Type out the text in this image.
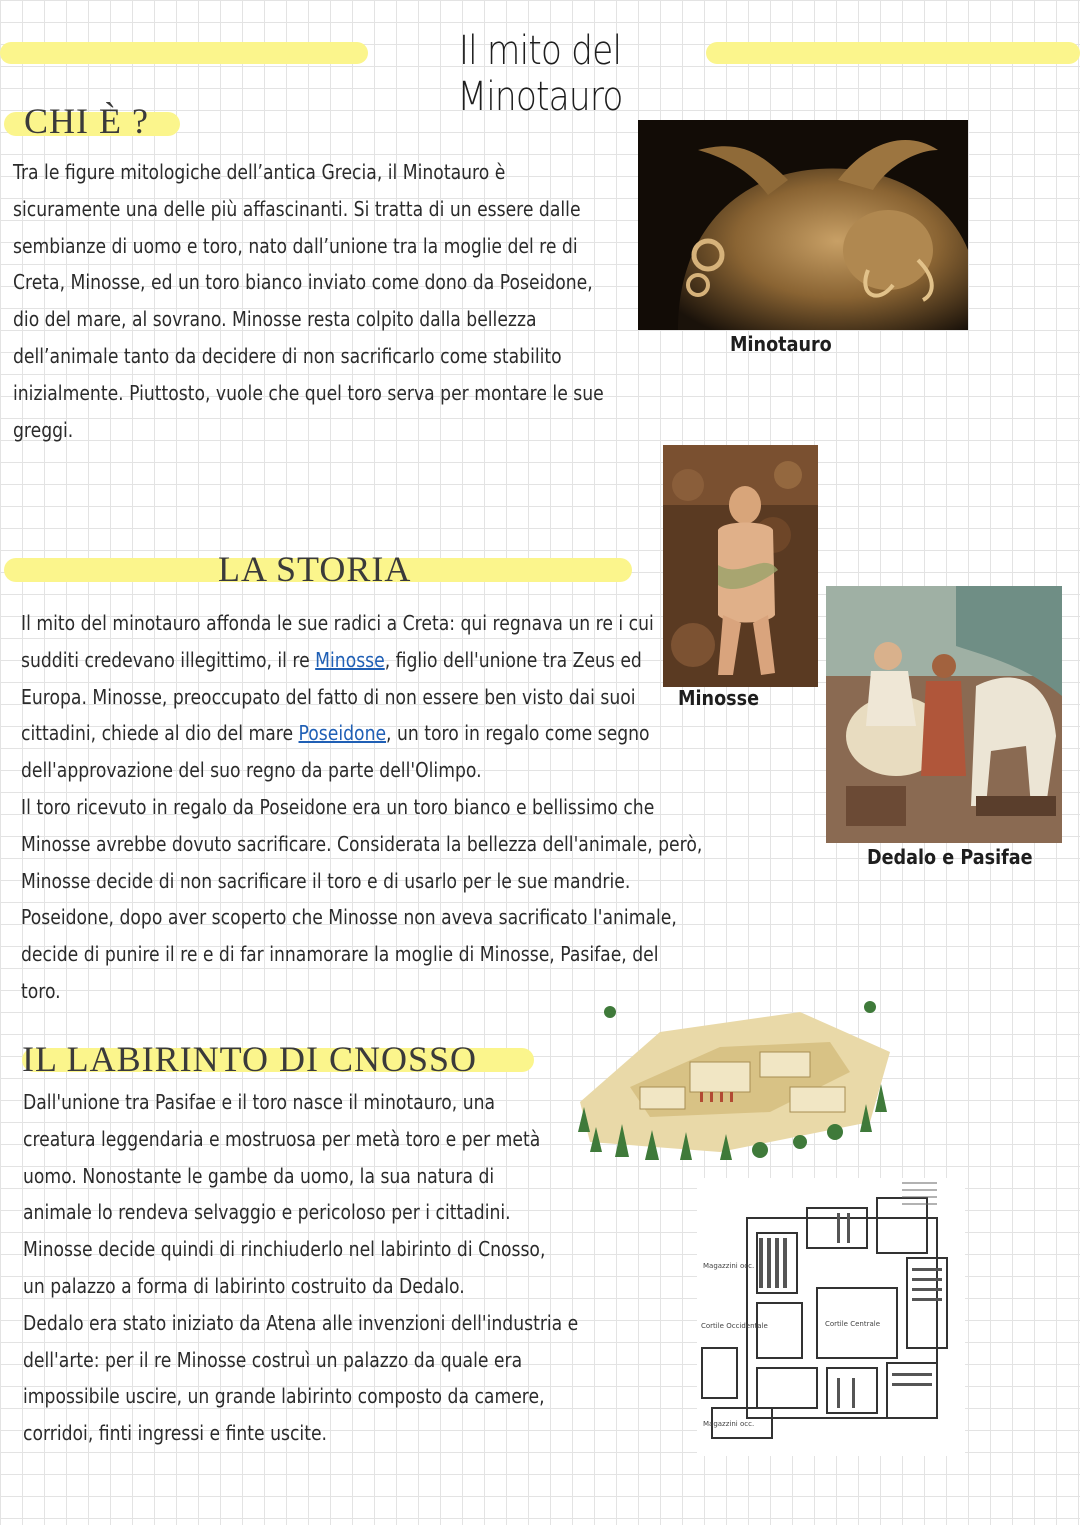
Il mito del Minotauro
CHI È ?
Tra le figure mitologiche dell’antica Grecia, il Minotauro è
sicuramente una delle più affascinanti. Si tratta di un essere dalle
sembianze di uomo e toro, nato dall’unione tra la moglie del re di
Creta, Minosse, ed un toro bianco inviato come dono da Poseidone,
dio del mare, al sovrano. Minosse resta colpito dalla bellezza
dell’animale tanto da decidere di non sacrificarlo come stabilito
inizialmente. Piuttosto, vuole che quel toro serva per montare le sue
greggi.
Minotauro
LA STORIA
Il mito del minotauro affonda le sue radici a Creta: qui regnava un re i cui
sudditi credevano illegittimo, il re Minosse, figlio dell'unione tra Zeus ed
Europa. Minosse, preoccupato del fatto di non essere ben visto dai suoi
cittadini, chiede al dio del mare Poseidone, un toro in regalo come segno
dell'approvazione del suo regno da parte dell'Olimpo.
Il toro ricevuto in regalo da Poseidone era un toro bianco e bellissimo che
Minosse avrebbe dovuto sacrificare. Considerata la bellezza dell'animale, però,
Minosse decide di non sacrificare il toro e di usarlo per le sue mandrie.
Poseidone, dopo aver scoperto che Minosse non aveva sacrificato l'animale,
decide di punire il re e di far innamorare la moglie di Minosse, Pasifae, del
toro.
Minosse
Dedalo e Pasifae
IL LABIRINTO DI CNOSSO
Dall'unione tra Pasifae e il toro nasce il minotauro, una
creatura leggendaria e mostruosa per metà toro e per metà
uomo. Nonostante le gambe da uomo, la sua natura di
animale lo rendeva selvaggio e pericoloso per i cittadini.
Minosse decide quindi di rinchiuderlo nel labirinto di Cnosso,
un palazzo a forma di labirinto costruito da Dedalo.
Dedalo era stato iniziato da Atena alle invenzioni dell'industria e
dell'arte: per il re Minosse costruì un palazzo da quale era
impossibile uscire, un grande labirinto composto da camere,
corridoi, finti ingressi e finte uscite.
Magazzini occ.
Cortile Occidentale	Cortile Centrale
Magazzini occ.
